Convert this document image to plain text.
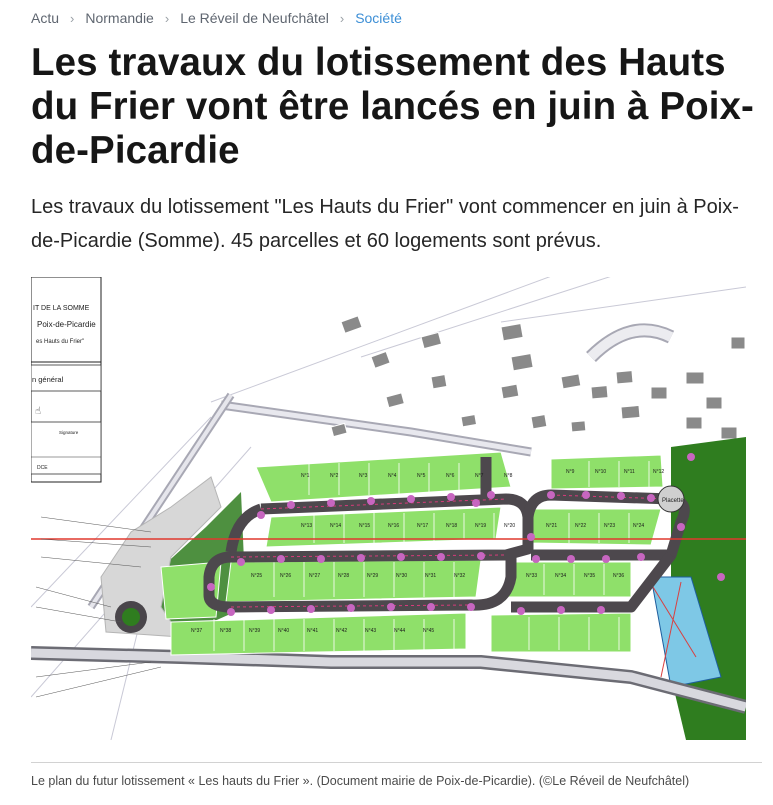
Actu › Normandie › Le Réveil de Neufchâtel › Société
Les travaux du lotissement des Hauts du Frier vont être lancés en juin à Poix-de-Picardie

Les travaux du lotissement "Les Hauts du Frier" vont commencer en juin à Poix-de-Picardie (Somme). 45 parcelles et 60 logements sont prévus.

IT DE LA SOMME
Poix-de-Picardie
es Hauts du Frier"
n général
Signature
DCE
☝
Placette
N°1	N°2	N°3	N°4	N°5	N°6	N°7	N°8
N°9	N°10	N°11	N°12
N°13	N°14	N°15	N°16	N°17	N°18	N°19	N°20	N°21	N°22	N°23	N°24
N°25	N°26	N°27	N°28	N°29	N°30	N°31	N°32	N°33	N°34	N°35	N°36
N°37	N°38	N°39	N°40	N°41	N°42	N°43	N°44	N°45
Le plan du futur lotissement « Les hauts du Frier ». (Document mairie de Poix-de-Picardie). (©Le Réveil de Neufchâtel)
